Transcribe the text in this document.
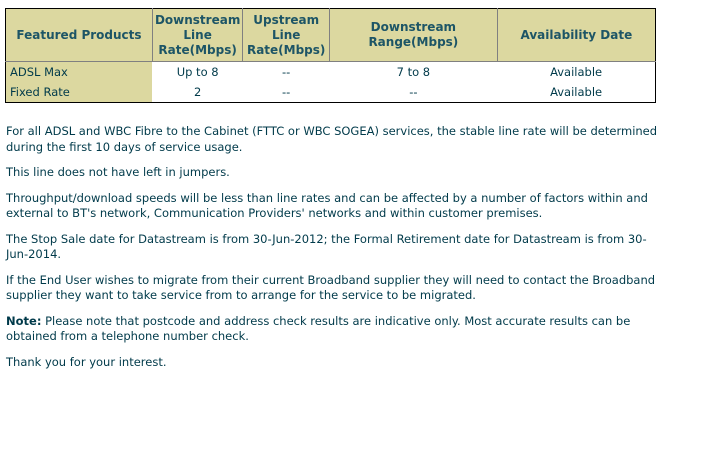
Featured Products	Downstream Line Rate(Mbps)	Upstream Line Rate(Mbps)	Downstream Range(Mbps)	Availability Date
ADSL Max	Up to 8	--	7 to 8	Available
Fixed Rate	2	--	--	Available

For all ADSL and WBC Fibre to the Cabinet (FTTC or WBC SOGEA) services, the stable line rate will be determined during the first 10 days of service usage.

This line does not have left in jumpers.

Throughput/download speeds will be less than line rates and can be affected by a number of factors within and external to BT's network, Communication Providers' networks and within customer premises.

The Stop Sale date for Datastream is from 30-Jun-2012; the Formal Retirement date for Datastream is from 30-Jun-2014.

If the End User wishes to migrate from their current Broadband supplier they will need to contact the Broadband supplier they want to take service from to arrange for the service to be migrated.

Note: Please note that postcode and address check results are indicative only. Most accurate results can be obtained from a telephone number check.

Thank you for your interest.
